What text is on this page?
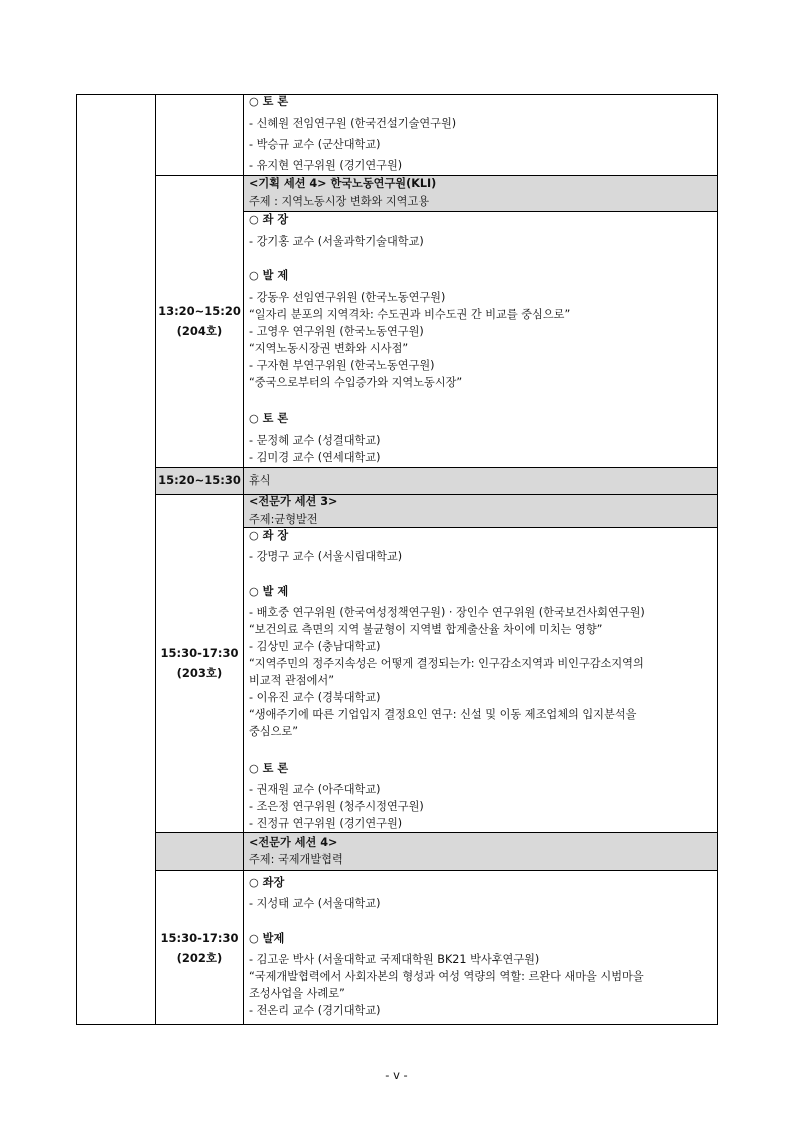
○ 토 론
- 신혜원 전임연구원 (한국건설기술연구원)
- 박승규 교수 (군산대학교)
- 유지현 연구위원 (경기연구원)
<기획 세션 4> 한국노동연구원(KLI)
주제 : 지역노동시장 변화와 지역고용
13:20~15:20
(204호)
○ 좌 장
- 강기홍 교수 (서울과학기술대학교)
○ 발 제
- 강동우 선임연구위원 (한국노동연구원)
“일자리 분포의 지역격차: 수도권과 비수도권 간 비교를 중심으로”
- 고영우 연구위원 (한국노동연구원)
“지역노동시장권 변화와 시사점”
- 구자현 부연구위원 (한국노동연구원)
“중국으로부터의 수입증가와 지역노동시장”
○ 토 론
- 문정혜 교수 (성결대학교)
- 김미경 교수 (연세대학교)
15:20~15:30 휴식
<전문가 세션 3>
주제:균형발전
15:30-17:30
(203호)
○ 좌 장
- 강명구 교수 (서울시립대학교)
○ 발 제
- 배호중 연구위원 (한국여성정책연구원) · 장인수 연구위원 (한국보건사회연구원)
“보건의료 측면의 지역 불균형이 지역별 합계출산율 차이에 미치는 영향”
- 김상민 교수 (충남대학교)
“지역주민의 정주지속성은 어떻게 결정되는가: 인구감소지역과 비인구감소지역의
비교적 관점에서”
- 이유진 교수 (경북대학교)
“생애주기에 따른 기업입지 결정요인 연구: 신설 및 이동 제조업체의 입지분석을
중심으로”
○ 토 론
- 권재원 교수 (아주대학교)
- 조은정 연구위원 (청주시정연구원)
- 진정규 연구위원 (경기연구원)
<전문가 세션 4>
주제: 국제개발협력
15:30-17:30
(202호)
○ 좌장
- 지성태 교수 (서울대학교)
○ 발제
- 김고운 박사 (서울대학교 국제대학원 BK21 박사후연구원)
“국제개발협력에서 사회자본의 형성과 여성 역량의 역할: 르완다 새마을 시범마을
조성사업을 사례로”
- 전온리 교수 (경기대학교)
- v -
